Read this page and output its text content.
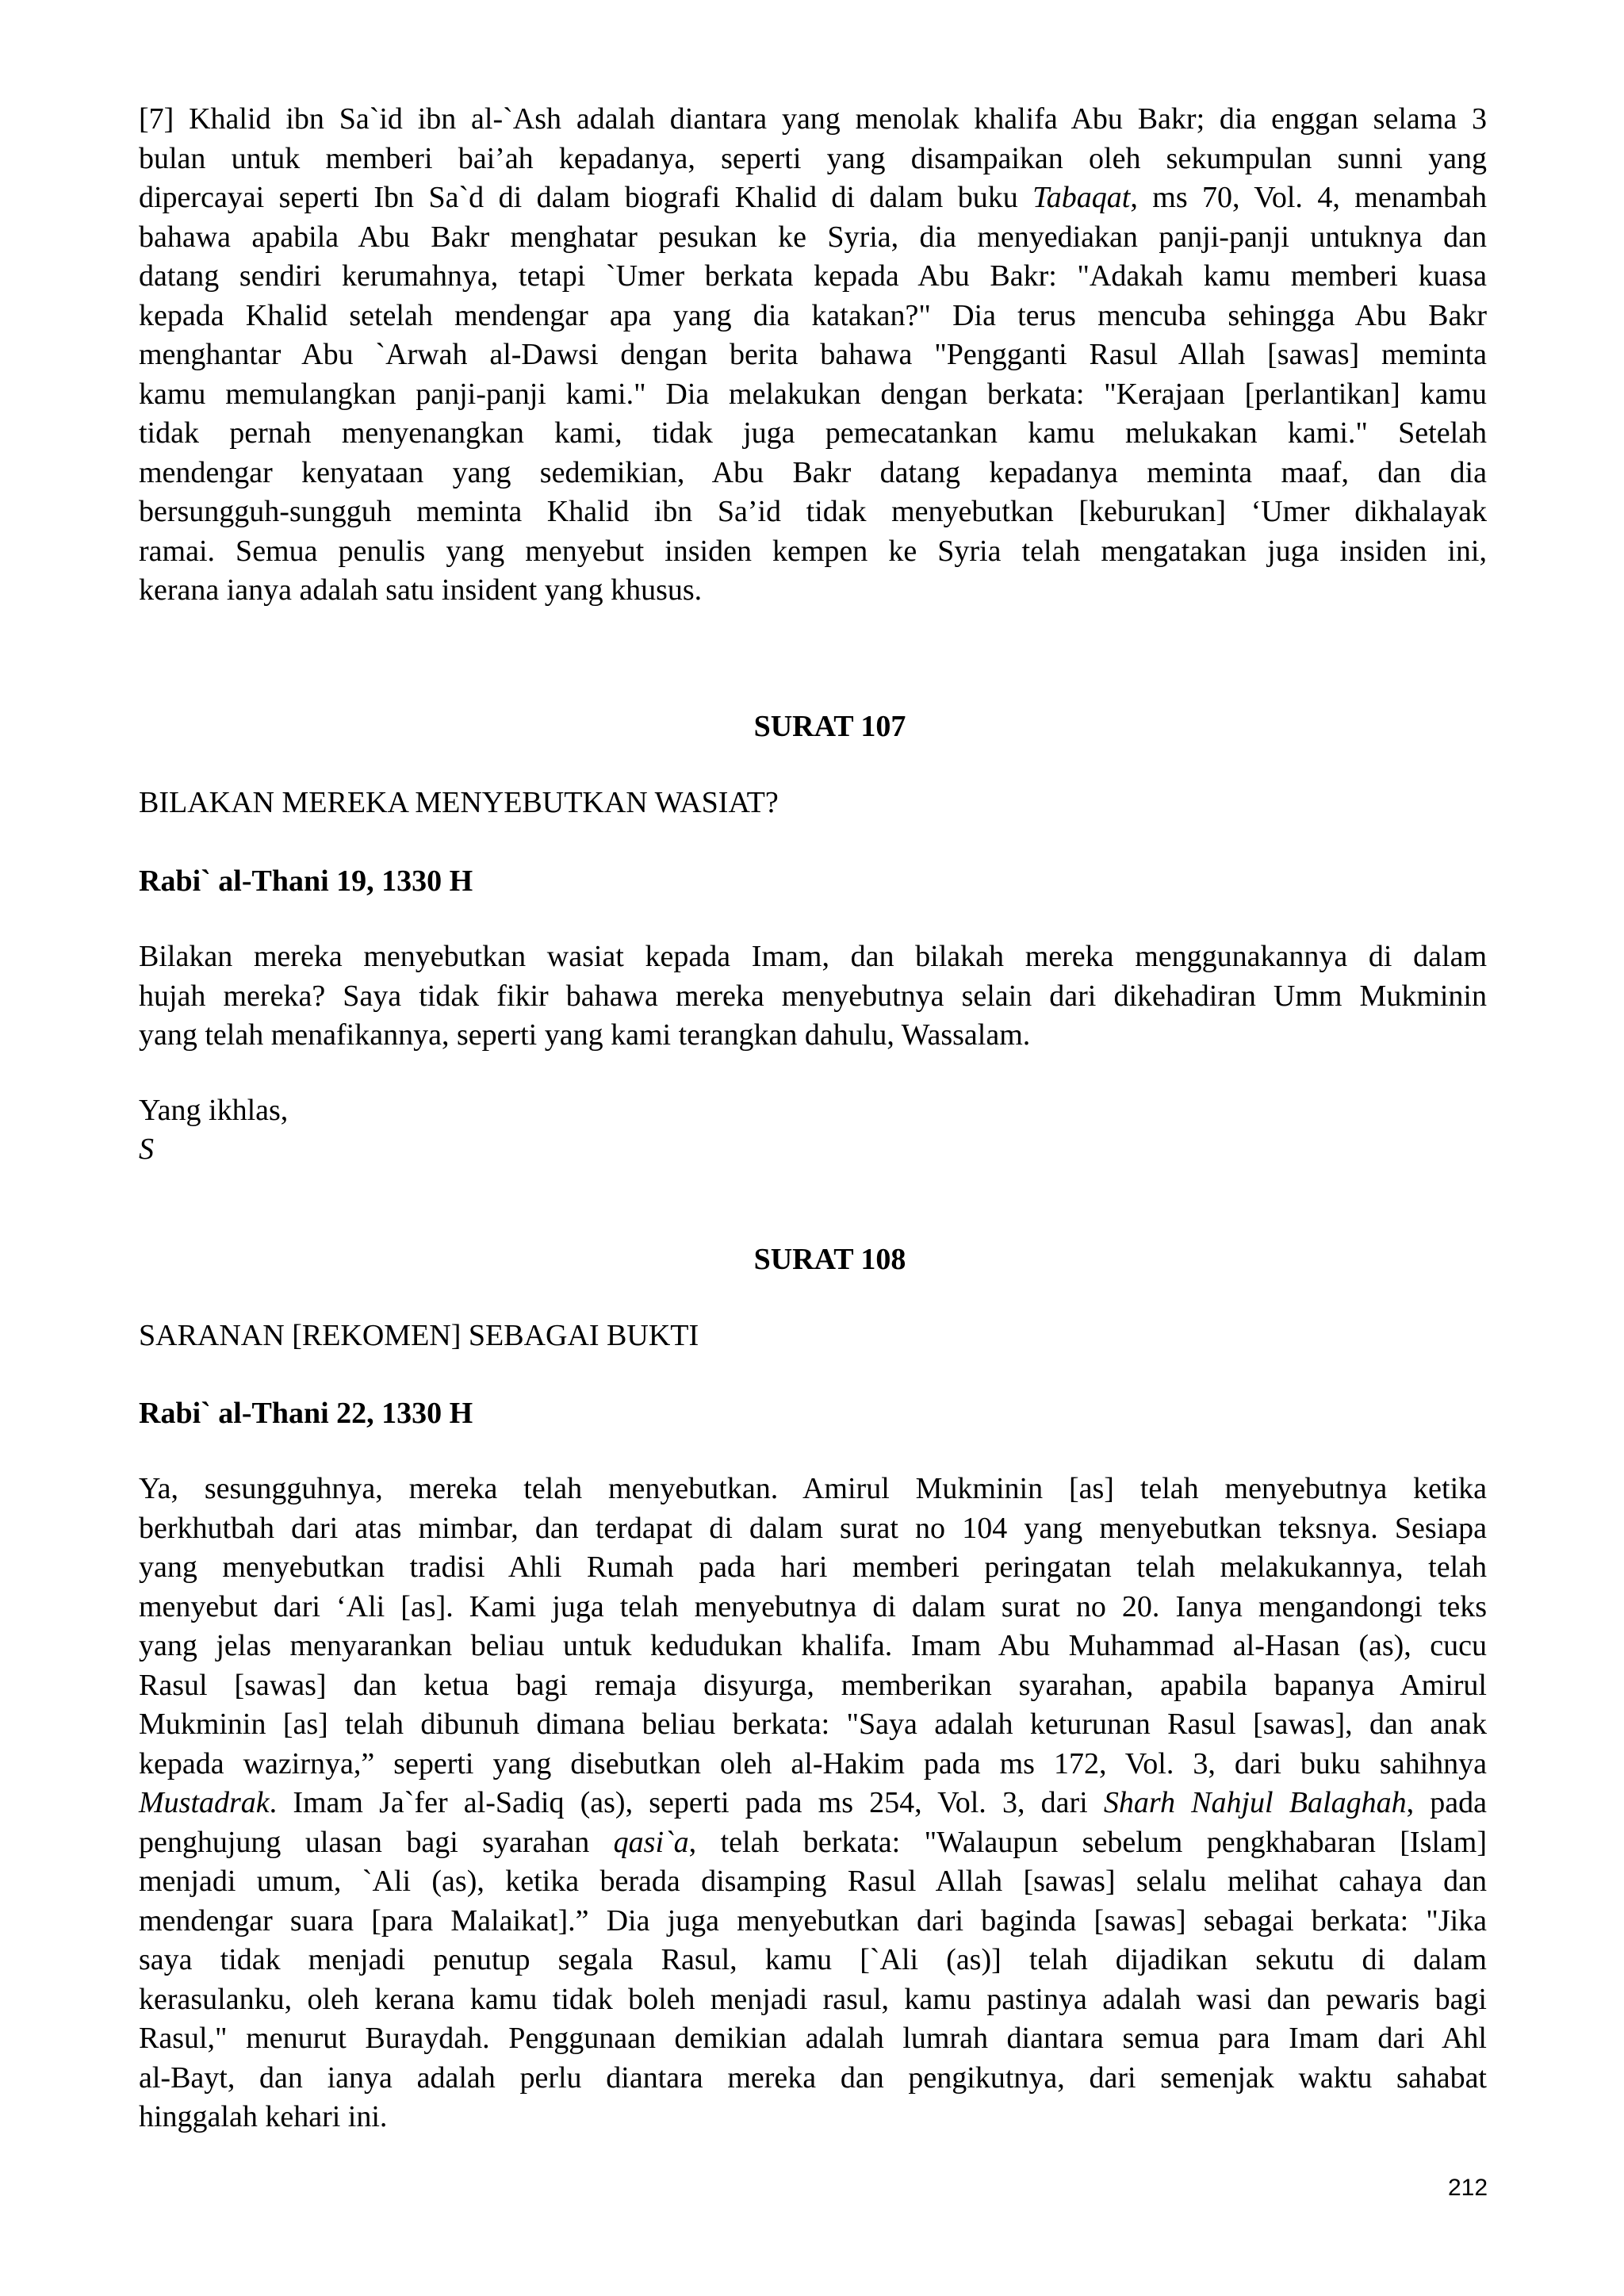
[7] Khalid ibn Sa`id ibn al-`Ash adalah diantara yang menolak khalifa Abu Bakr; dia enggan selama 3
bulan untuk memberi bai’ah kepadanya, seperti yang disampaikan oleh sekumpulan sunni yang
dipercayai seperti Ibn Sa`d di dalam biografi Khalid di dalam buku Tabaqat, ms 70, Vol. 4, menambah
bahawa apabila Abu Bakr menghatar pesukan ke Syria, dia menyediakan panji-panji untuknya dan
datang sendiri kerumahnya, tetapi `Umer berkata kepada Abu Bakr: "Adakah kamu memberi kuasa
kepada Khalid setelah mendengar apa yang dia katakan?" Dia terus mencuba sehingga Abu Bakr
menghantar Abu `Arwah al-Dawsi dengan berita bahawa "Pengganti Rasul Allah [sawas] meminta
kamu memulangkan panji-panji kami." Dia melakukan dengan berkata: "Kerajaan [perlantikan] kamu
tidak pernah menyenangkan kami, tidak juga pemecatankan kamu melukakan kami." Setelah
mendengar kenyataan yang sedemikian, Abu Bakr datang kepadanya meminta maaf, dan dia
bersungguh-sungguh meminta Khalid ibn Sa’id tidak menyebutkan [keburukan] ‘Umer dikhalayak
ramai. Semua penulis yang menyebut insiden kempen ke Syria telah mengatakan juga insiden ini,
kerana ianya adalah satu insident yang khusus.
SURAT 107
BILAKAN MEREKA MENYEBUTKAN WASIAT?
Rabi` al-Thani 19, 1330 H
Bilakan mereka menyebutkan wasiat kepada Imam, dan bilakah mereka menggunakannya di dalam
hujah mereka? Saya tidak fikir bahawa mereka menyebutnya selain dari dikehadiran Umm Mukminin
yang telah menafikannya, seperti yang kami terangkan dahulu, Wassalam.
Yang ikhlas,
S
SURAT 108
SARANAN [REKOMEN] SEBAGAI BUKTI
Rabi` al-Thani 22, 1330 H
Ya, sesungguhnya, mereka telah menyebutkan. Amirul Mukminin [as] telah menyebutnya ketika
berkhutbah dari atas mimbar, dan terdapat di dalam surat no 104 yang menyebutkan teksnya. Sesiapa
yang menyebutkan tradisi Ahli Rumah pada hari memberi peringatan telah melakukannya, telah
menyebut dari ‘Ali [as]. Kami juga telah menyebutnya di dalam surat no 20. Ianya mengandongi teks
yang jelas menyarankan beliau untuk kedudukan khalifa. Imam Abu Muhammad al-Hasan (as), cucu
Rasul [sawas] dan ketua bagi remaja disyurga, memberikan syarahan, apabila bapanya Amirul
Mukminin [as] telah dibunuh dimana beliau berkata: "Saya adalah keturunan Rasul [sawas], dan anak
kepada wazirnya,” seperti yang disebutkan oleh al-Hakim pada ms 172, Vol. 3, dari buku sahihnya
Mustadrak. Imam Ja`fer al-Sadiq (as), seperti pada ms 254, Vol. 3, dari Sharh Nahjul Balaghah, pada
penghujung ulasan bagi syarahan qasi`a, telah berkata: "Walaupun sebelum pengkhabaran [Islam]
menjadi umum, `Ali (as), ketika berada disamping Rasul Allah [sawas] selalu melihat cahaya dan
mendengar suara [para Malaikat].” Dia juga menyebutkan dari baginda [sawas] sebagai berkata: "Jika
saya tidak menjadi penutup segala Rasul, kamu [`Ali (as)] telah dijadikan sekutu di dalam
kerasulanku, oleh kerana kamu tidak boleh menjadi rasul, kamu pastinya adalah wasi dan pewaris bagi
Rasul," menurut Buraydah. Penggunaan demikian adalah lumrah diantara semua para Imam dari Ahl
al-Bayt, dan ianya adalah perlu diantara mereka dan pengikutnya, dari semenjak waktu sahabat
hinggalah kehari ini.
212
